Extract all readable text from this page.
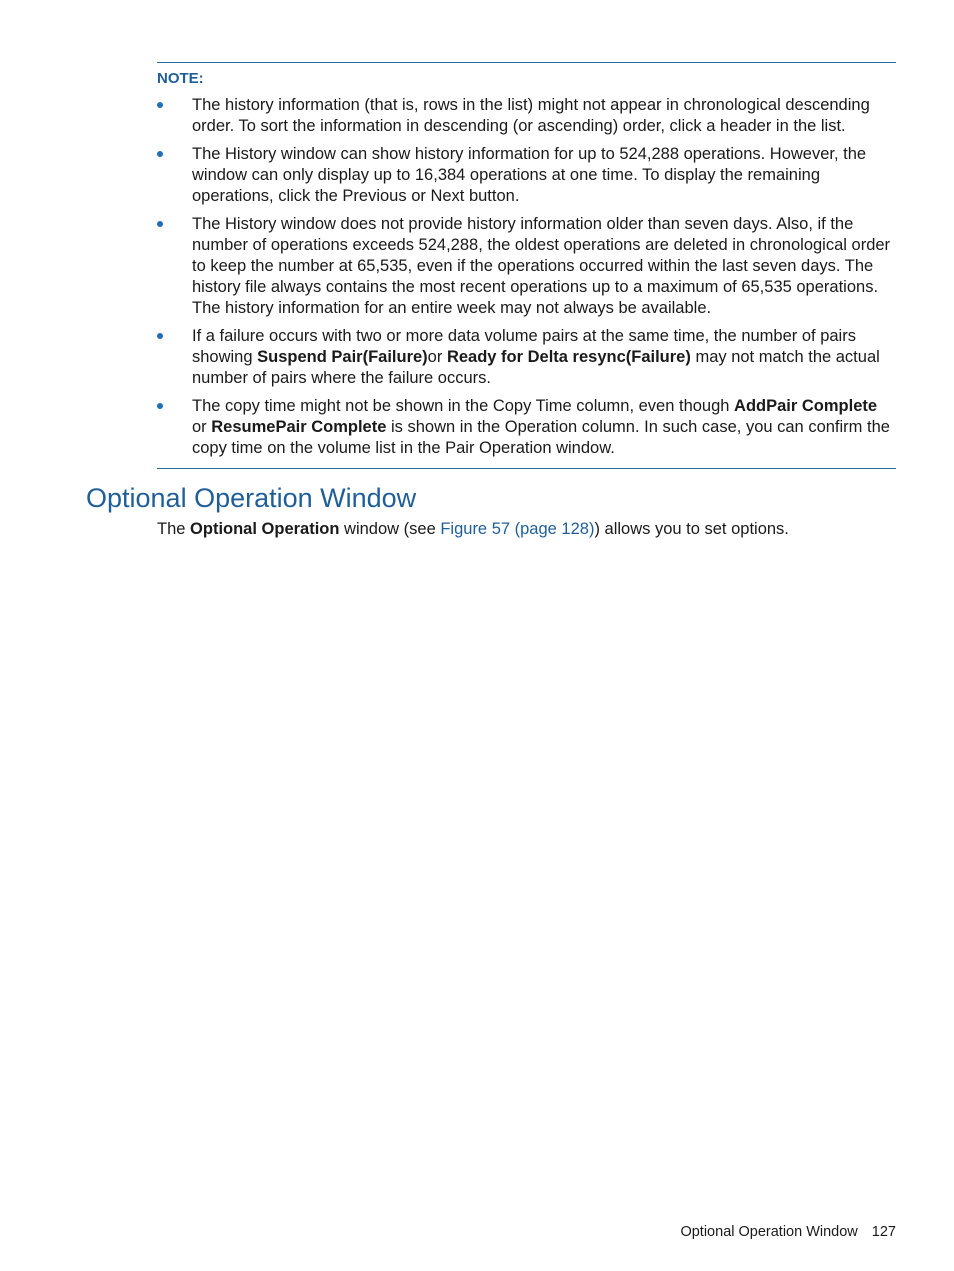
NOTE:

The history information (that is, rows in the list) might not appear in chronological descending order. To sort the information in descending (or ascending) order, click a header in the list.
The History window can show history information for up to 524,288 operations. However, the window can only display up to 16,384 operations at one time. To display the remaining operations, click the Previous or Next button.
The History window does not provide history information older than seven days. Also, if the number of operations exceeds 524,288, the oldest operations are deleted in chronological order to keep the number at 65,535, even if the operations occurred within the last seven days. The history file always contains the most recent operations up to a maximum of 65,535 operations. The history information for an entire week may not always be available.
If a failure occurs with two or more data volume pairs at the same time, the number of pairs showing Suspend Pair(Failure)or Ready for Delta resync(Failure) may not match the actual number of pairs where the failure occurs.
The copy time might not be shown in the Copy Time column, even though AddPair Complete or ResumePair Complete is shown in the Operation column. In such case, you can confirm the copy time on the volume list in the Pair Operation window.
Optional Operation Window

The Optional Operation window (see Figure 57 (page 128)) allows you to set options.

Optional Operation Window 127
